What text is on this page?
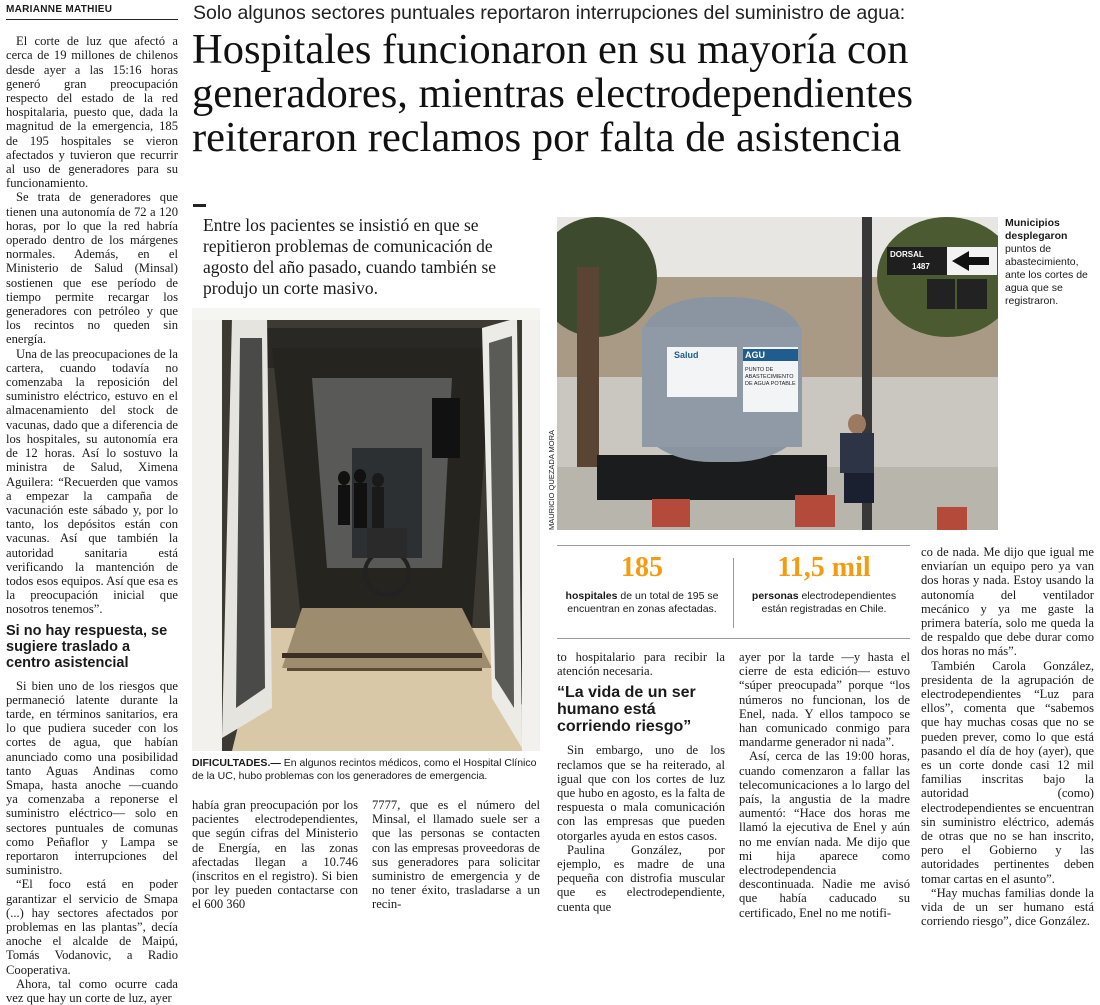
MARIANNE MATHIEU

El corte de luz que afectó a cerca de 19 millones de chilenos desde ayer a las 15:16 horas generó gran preocupación respecto del estado de la red hospitalaria, puesto que, dada la magnitud de la emergencia, 185 de 195 hospitales se vieron afectados y tuvieron que recurrir al uso de generadores para su funcionamiento.

Se trata de generadores que tienen una autonomía de 72 a 120 horas, por lo que la red habría operado dentro de los márgenes normales. Además, en el Ministerio de Salud (Minsal) sostienen que ese período de tiempo permite recargar los generadores con petróleo y que los recintos no queden sin energía.

Una de las preocupaciones de la cartera, cuando todavía no comenzaba la reposición del suministro eléctrico, estuvo en el almacenamiento del stock de vacunas, dado que a diferencia de los hospitales, su autonomía era de 12 horas. Así lo sostuvo la ministra de Salud, Ximena Aguilera: “Recuerden que vamos a empezar la campaña de vacunación este sábado y, por lo tanto, los depósitos están con vacunas. Así que también la autoridad sanitaria está verificando la mantención de todos esos equipos. Así que esa es la preocupación inicial que nosotros tenemos”.

Si no hay respuesta, se sugiere traslado a centro asistencial

Si bien uno de los riesgos que permaneció latente durante la tarde, en términos sanitarios, era lo que pudiera suceder con los cortes de agua, que habían anunciado como una posibilidad tanto Aguas Andinas como Smapa, hasta anoche —cuando ya comenzaba a reponerse el suministro eléctrico— solo en sectores puntuales de comunas como Peñaflor y Lampa se reportaron interrupciones del suministro.

“El foco está en poder garantizar el servicio de Smapa (...) hay sectores afectados por problemas en las plantas”, decía anoche el alcalde de Maipú, Tomás Vodanovic, a Radio Cooperativa.

Ahora, tal como ocurre cada vez que hay un corte de luz, ayer

Solo algunos sectores puntuales reportaron interrupciones del suministro de agua:
Hospitales funcionaron en su mayoría con
generadores, mientras electrodependientes
reiteraron reclamos por falta de asistencia
Entre los pacientes se insistió en que se repitieron problemas de comunicación de agosto del año pasado, cuando también se produjo un corte masivo.
DIFICULTADES.— En algunos recintos médicos, como el Hospital Clínico de la UC, hubo problemas con los generadores de emergencia.
MAURICIO QUEZADA MORA
Salud	AGU
PUNTO DE ABASTECIMIENTO DE AGUA POTABLE
DORSAL
1487
Municipios desplegaron puntos de abastecimiento, ante los cortes de agua que se registraron.
185
hospitales de un total de 195 se encuentran en zonas afectadas.
11,5 mil
personas electrodependientes están registradas en Chile.

to hospitalario para recibir la atención necesaria.

“La vida de un ser humano está corriendo riesgo”

Sin embargo, uno de los reclamos que se ha reiterado, al igual que con los cortes de luz que hubo en agosto, es la falta de respuesta o mala comunicación con las empresas que pueden otorgarles ayuda en estos casos.

Paulina González, por ejemplo, es madre de una pequeña con distrofia muscular que es electrodependiente, cuenta que

ayer por la tarde —y hasta el cierre de esta edición— estuvo “súper preocupada” porque “los números no funcionan, los de Enel, nada. Y ellos tampoco se han comunicado conmigo para mandarme generador ni nada”.

Así, cerca de las 19:00 horas, cuando comenzaron a fallar las telecomunicaciones a lo largo del país, la angustia de la madre aumentó: “Hace dos horas me llamó la ejecutiva de Enel y aún no me envían nada. Me dijo que mi hija aparece como electrodependencia descontinuada. Nadie me avisó que había caducado su certificado, Enel no me notifi-

co de nada. Me dijo que igual me enviarían un equipo pero ya van dos horas y nada. Estoy usando la autonomía del ventilador mecánico y ya me gaste la primera batería, solo me queda la de respaldo que debe durar como dos horas no más”.

También Carola González, presidenta de la agrupación de electrodependientes “Luz para ellos”, comenta que “sabemos que hay muchas cosas que no se pueden prever, como lo que está pasando el día de hoy (ayer), que es un corte donde casi 12 mil familias inscritas bajo la autoridad (como) electrodependientes se encuentran sin suministro eléctrico, además de otras que no se han inscrito, pero el Gobierno y las autoridades pertinentes deben tomar cartas en el asunto”.

“Hay muchas familias donde la vida de un ser humano está corriendo riesgo”, dice González.

había gran preocupación por los pacientes electrodependientes, que según cifras del Ministerio de Energía, en las zonas afectadas llegan a 10.746 (inscritos en el registro). Si bien por ley pueden contactarse con el 600 360

7777, que es el número del Minsal, el llamado suele ser a que las personas se contacten con las empresas proveedoras de sus generadores para solicitar suministro de emergencia y de no tener éxito, trasladarse a un recin-
